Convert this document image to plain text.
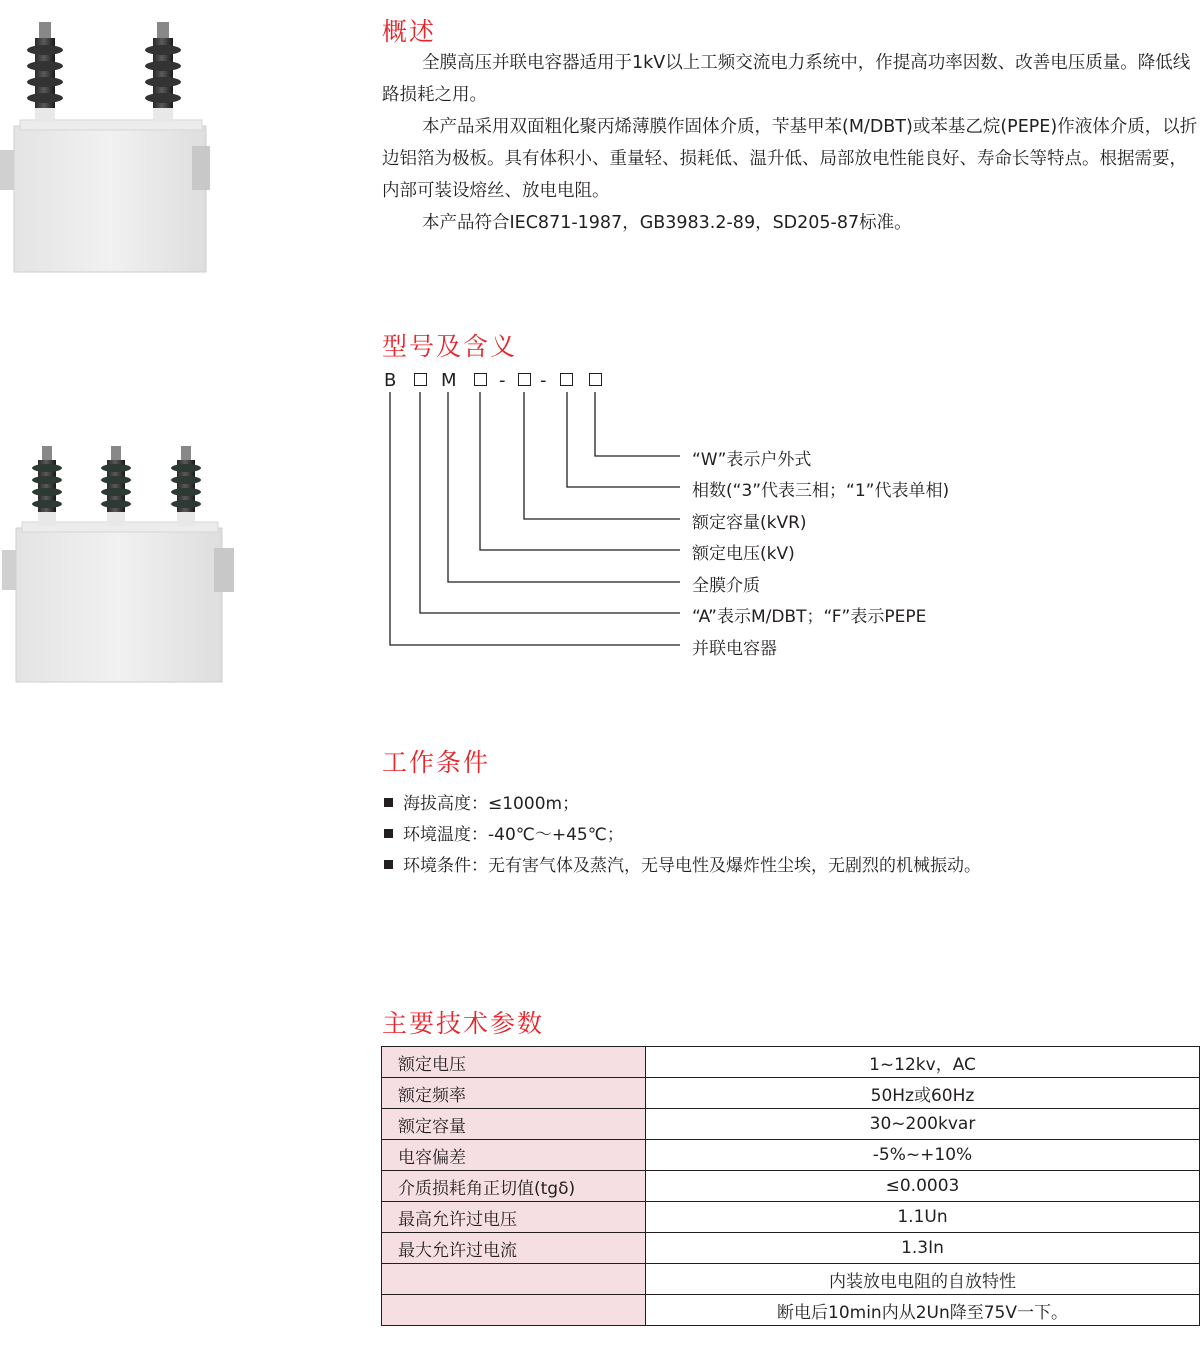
概述

全膜高压并联电容器适用于1kV以上工频交流电力系统中，作提高功率因数、改善电压质量。降低线路损耗之用。

本产品采用双面粗化聚丙烯薄膜作固体介质，苄基甲苯(M/DBT)或苯基乙烷(PEPE)作液体介质，以折边铝箔为极板。具有体积小、重量轻、损耗低、温升低、局部放电性能良好、寿命长等特点。根据需要，内部可装设熔丝、放电电阻。

本产品符合IEC871-1987，GB3983.2-89，SD205-87标准。

型号及含义
B M - -
“W”表示户外式
相数(“3”代表三相；“1”代表单相)
额定容量(kVR)
额定电压(kV)
全膜介质
“A”表示M/DBT；“F”表示PEPE
并联电容器
工作条件
海拔高度：≤1000m；
环境温度：-40℃～+45℃；
环境条件：无有害气体及蒸汽，无导电性及爆炸性尘埃，无剧烈的机械振动。
主要技术参数
额定电压	1~12kv，AC
额定频率	50Hz或60Hz
额定容量	30~200kvar
电容偏差	-5%~+10%
介质损耗角正切值(tgδ)	≤0.0003
最高允许过电压	1.1Un
最大允许过电流	1.3In
	内装放电电阻的自放特性
	断电后10min内从2Un降至75V一下。
